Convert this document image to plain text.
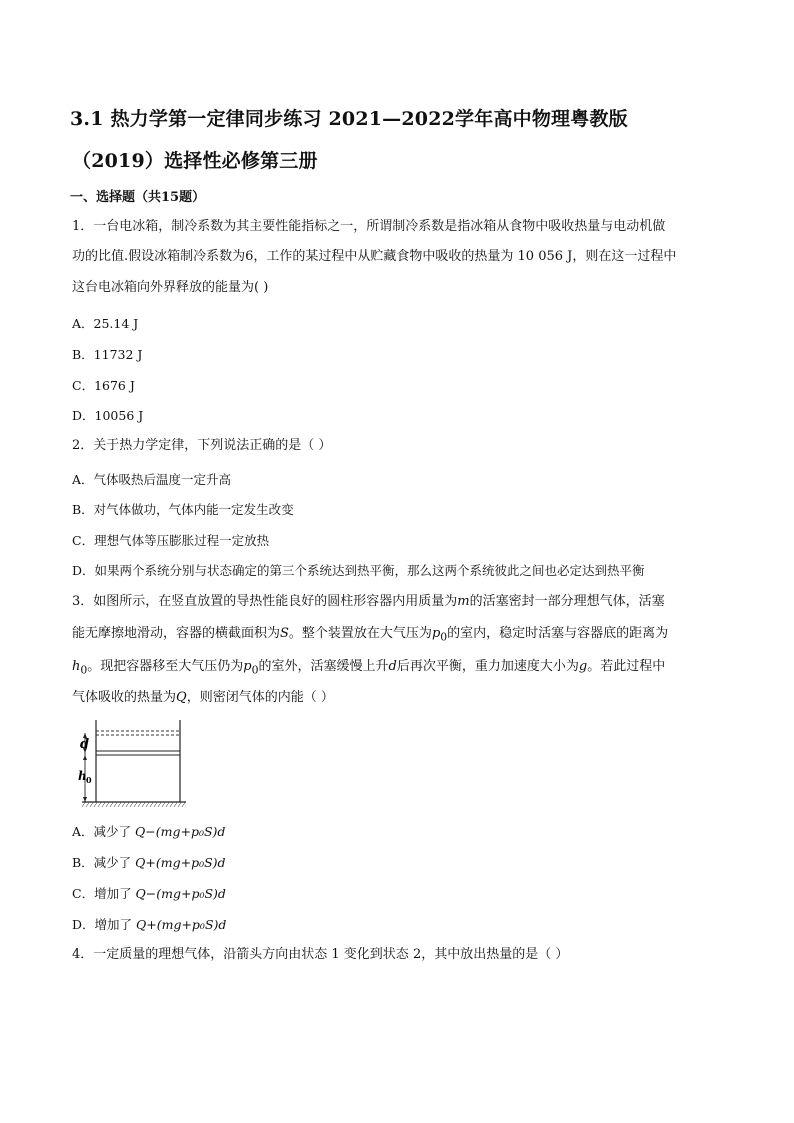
3.1 热力学第一定律同步练习 2021—2022学年高中物理粤教版
（2019）选择性必修第三册
一、选择题（共15题）
1．一台电冰箱，制冷系数为其主要性能指标之一，所谓制冷系数是指冰箱从食物中吸收热量与电动机做
功的比值.假设冰箱制冷系数为6，工作的某过程中从贮藏食物中吸收的热量为 10 056 J，则在这一过程中
这台电冰箱向外界释放的能量为( )
A．25.14 J
B．11732 J
C．1676 J
D．10056 J
2．关于热力学定律，下列说法正确的是（ ）
A．气体吸热后温度一定升高
B．对气体做功，气体内能一定发生改变
C．理想气体等压膨胀过程一定放热
D．如果两个系统分别与状态确定的第三个系统达到热平衡，那么这两个系统彼此之间也必定达到热平衡
3．如图所示，在竖直放置的导热性能良好的圆柱形容器内用质量为m的活塞密封一部分理想气体，活塞
能无摩擦地滑动，容器的横截面积为S。整个装置放在大气压为$p_0$的室内，稳定时活塞与容器底的距离为
$h_0$。现把容器移至大气压仍为$p_0$的室外，活塞缓慢上升d后再次平衡，重力加速度大小为g。若此过程中
气体吸收的热量为Q，则密闭气体的内能（ ）
d
h 0
A．减少了 Q−(mg+p₀S)d
B．减少了 Q+(mg+p₀S)d
C．增加了 Q−(mg+p₀S)d
D．增加了 Q+(mg+p₀S)d
4．一定质量的理想气体，沿箭头方向由状态 1 变化到状态 2，其中放出热量的是（ ）
